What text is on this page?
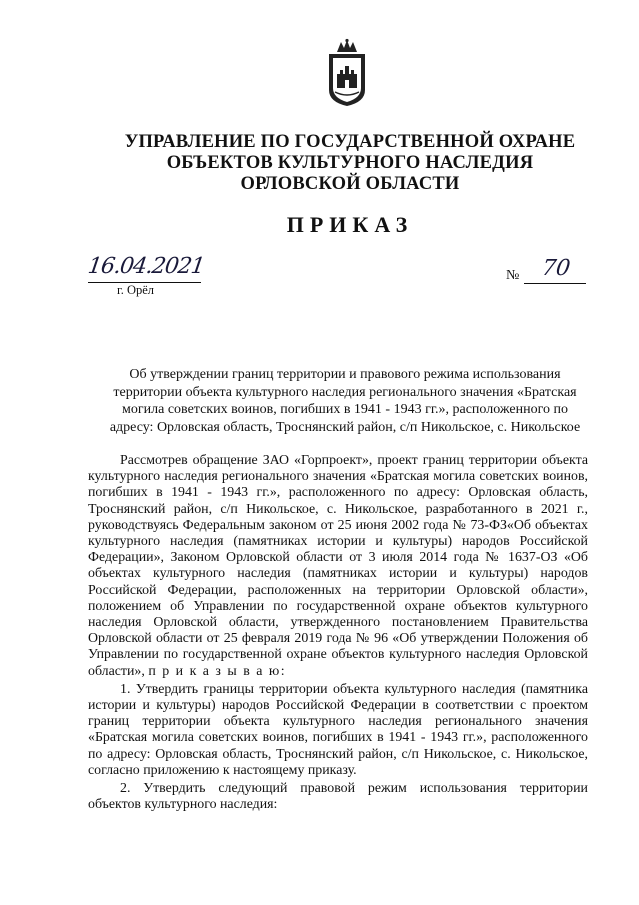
УПРАВЛЕНИЕ ПО ГОСУДАРСТВЕННОЙ ОХРАНЕ
ОБЪЕКТОВ КУЛЬТУРНОГО НАСЛЕДИЯ
ОРЛОВСКОЙ ОБЛАСТИ
ПРИКАЗ
16.04.2021
г. Орёл
№ 70
Об утверждении границ территории и правового режима использования территории объекта культурного наследия регионального значения «Братская могила советских воинов, погибших в 1941 - 1943 гг.», расположенного по адресу: Орловская область, Троснянский район, с/п Никольское, с. Никольское

Рассмотрев обращение ЗАО «Горпроект», проект границ территории объекта культурного наследия регионального значения «Братская могила советских воинов, погибших в 1941 - 1943 гг.», расположенного по адресу: Орловская область, Троснянский район, с/п Никольское, с. Никольское, разработанного в 2021 г., руководствуясь Федеральным законом от 25 июня 2002 года № 73-ФЗ«Об объектах культурного наследия (памятниках истории и культуры) народов Российской Федерации», Законом Орловской области от 3 июля 2014 года № 1637-ОЗ «Об объектах культурного наследия (памятниках истории и культуры) народов Российской Федерации, расположенных на территории Орловской области», положением об Управлении по государственной охране объектов культурного наследия Орловской области, утвержденного постановлением Правительства Орловской области от 25 февраля 2019 года № 96 «Об утверждении Положения об Управлении по государственной охране объектов культурного наследия Орловской области», п р и к а з ы в а ю:

1. Утвердить границы территории объекта культурного наследия (памятника истории и культуры) народов Российской Федерации в соответствии с проектом границ территории объекта культурного наследия регионального значения «Братская могила советских воинов, погибших в 1941 - 1943 гг.», расположенного по адресу: Орловская область, Троснянский район, с/п Никольское, с. Никольское, согласно приложению к настоящему приказу.

2. Утвердить следующий правовой режим использования территории объектов культурного наследия:
